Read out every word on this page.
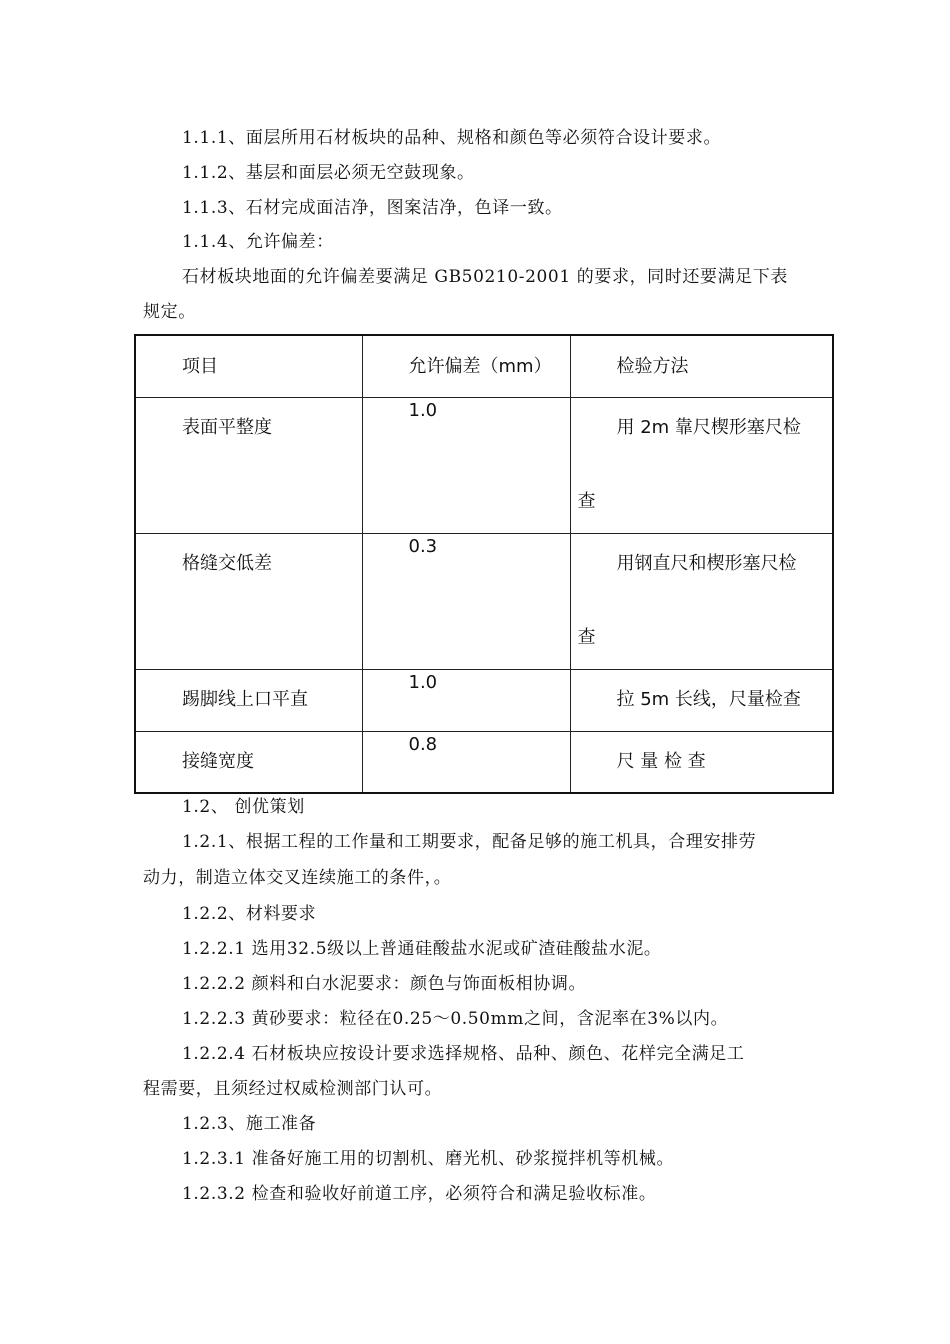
1.1.1、面层所用石材板块的品种、规格和颜色等必须符合设计要求。
1.1.2、基层和面层必须无空鼓现象。
1.1.3、石材完成面洁净，图案洁净，色译一致。
1.1.4、允许偏差：
石材板块地面的允许偏差要满足 GB50210-2001 的要求，同时还要满足下表
规定。
项目	允许偏差（mm）	检验方法

表面平整度	1.0	用 2m 靠尺楔形塞尺检
查

格缝交低差	0.3	用钢直尺和楔形塞尺检
查

踢脚线上口平直	1.0	拉 5m 长线，尺量检查

接缝宽度	0.8	尺 量 检 查
1.2、 创优策划
1.2.1、根据工程的工作量和工期要求，配备足够的施工机具，合理安排劳
动力，制造立体交叉连续施工的条件，。
1.2.2、材料要求
1.2.2.1 选用32.5级以上普通硅酸盐水泥或矿渣硅酸盐水泥。
1.2.2.2 颜料和白水泥要求：颜色与饰面板相协调。
1.2.2.3 黄砂要求：粒径在0.25～0.50mm之间，含泥率在3%以内。
1.2.2.4 石材板块应按设计要求选择规格、品种、颜色、花样完全满足工
程需要，且须经过权威检测部门认可。
1.2.3、施工准备
1.2.3.1 准备好施工用的切割机、磨光机、砂浆搅拌机等机械。
1.2.3.2 检查和验收好前道工序，必须符合和满足验收标准。
